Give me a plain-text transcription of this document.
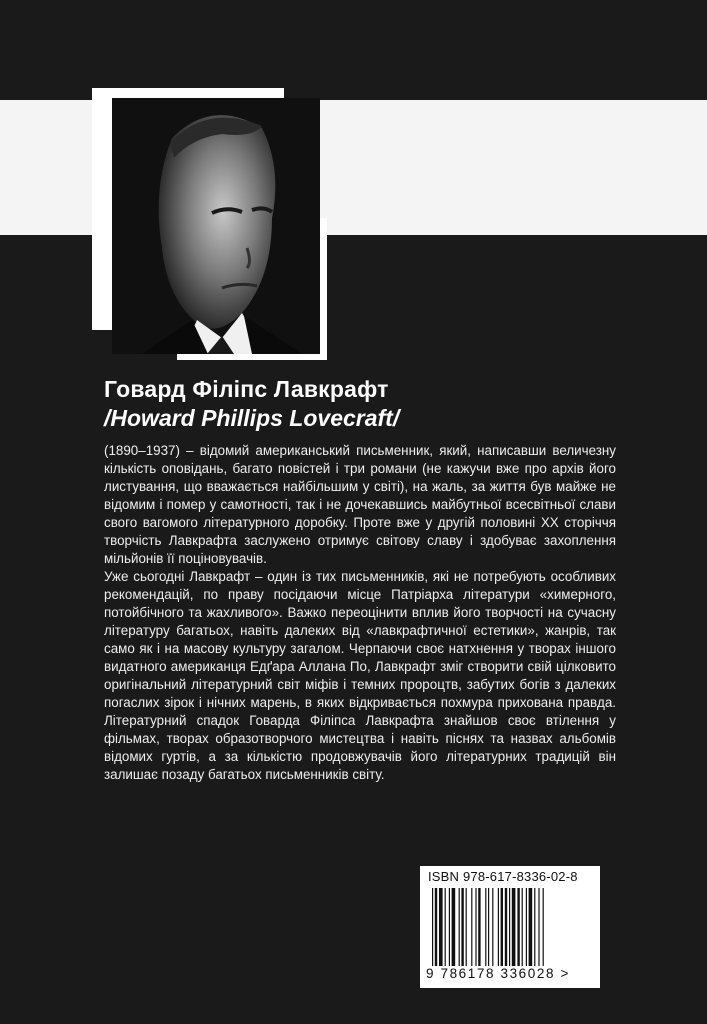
Говард Філіпс Лавкрафт
/Howard Phillips Lovecraft/

(1890–1937) – відомий американський письменник, який, написавши величезну кількість оповідань, багато повістей і три романи (не кажучи вже про архів його листування, що вважається найбільшим у світі), на жаль, за життя був майже не відомим і помер у самотності, так і не дочекавшись майбутньої всесвітньої слави свого вагомого літературного доробку. Проте вже у другій половині XX сторіччя творчість Лавкрафта заслужено отримує світову славу і здобуває захоплення мільйонів її поціновувачів.

Уже сьогодні Лавкрафт – один із тих письменників, які не потребують особливих рекомендацій, по праву посідаючи місце Патріарха літератури «химерного, потойбічного та жахливого». Важко переоцінити вплив його творчості на сучасну літературу багатьох, навіть далеких від «лавкрафтичної естетики», жанрів, так само як і на масову культуру загалом. Черпаючи своє натхнення у творах іншого видатного американця Едґара Аллана По, Лавкрафт зміг створити свій цілковито оригінальний літературний світ міфів і темних пророцтв, забутих богів з далеких погаслих зірок і нічних марень, в яких відкривається похмура прихована правда. Літературний спадок Говарда Філіпса Лавкрафта знайшов своє втілення у фільмах, творах образотворчого мистецтва і навіть піснях та назвах альбомів відомих гуртів, а за кількістю продовжувачів його літературних традицій він залишає позаду багатьох письменників світу.

ISBN 978-617-8336-02-8
9 786178 336028 >
